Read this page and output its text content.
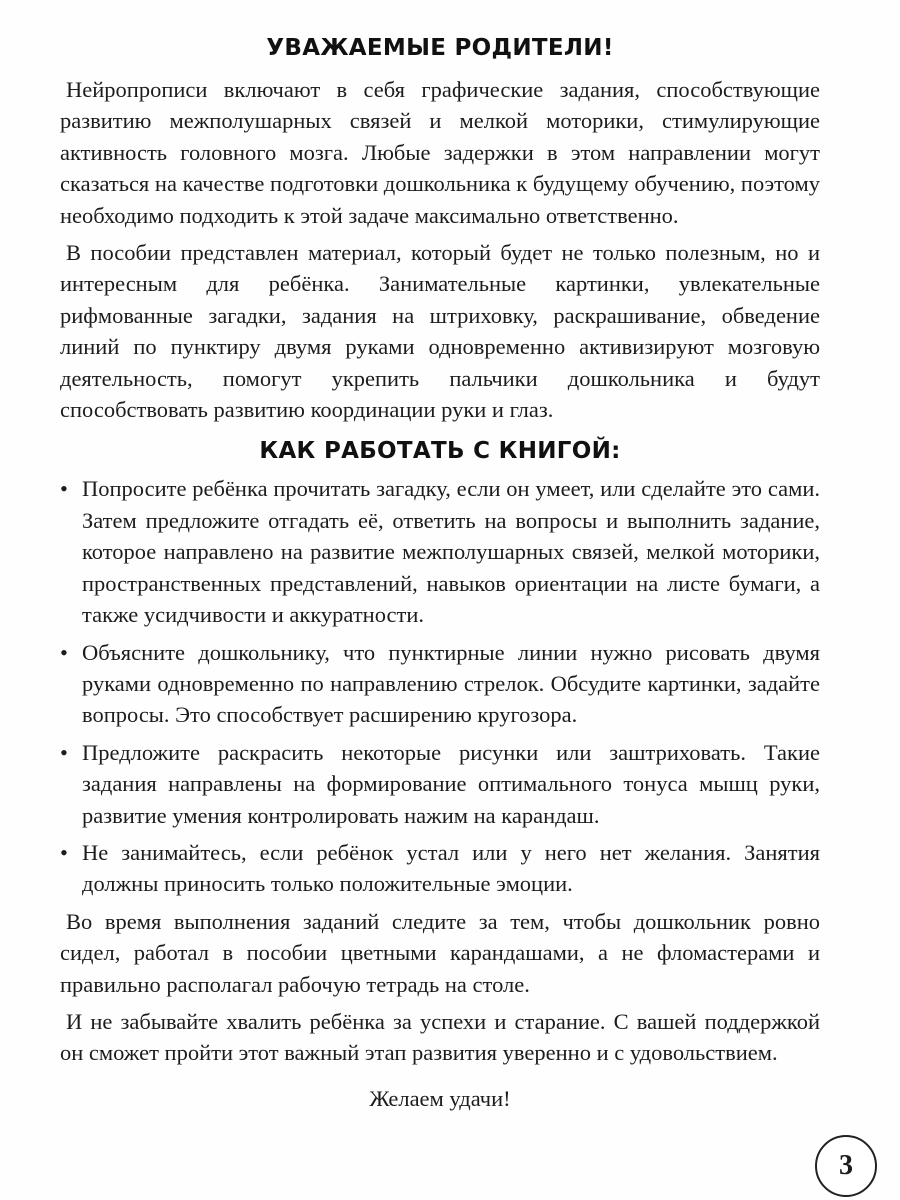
УВАЖАЕМЫЕ РОДИТЕЛИ!

Нейропрописи включают в себя графические задания, способствующие развитию межполушарных связей и мелкой моторики, стимулирующие активность головного мозга. Любые задержки в этом направлении могут сказаться на качестве подготовки дошкольника к будущему обучению, поэтому необходимо подходить к этой задаче максимально ответственно.

В пособии представлен материал, который будет не только полезным, но и интересным для ребёнка. Занимательные картинки, увлекательные рифмованные загадки, задания на штриховку, раскрашивание, обведение линий по пунктиру двумя руками одновременно активизируют мозговую деятельность, помогут укрепить пальчики дошкольника и будут способствовать развитию координации руки и глаз.

КАК РАБОТАТЬ С КНИГОЙ:
• Попросите ребёнка прочитать загадку, если он умеет, или сделайте это сами. Затем предложите отгадать её, ответить на вопросы и выполнить задание, которое направлено на развитие межполушарных связей, мелкой моторики, пространственных представлений, навыков ориентации на листе бумаги, а также усидчивости и аккуратности.
• Объясните дошкольнику, что пунктирные линии нужно рисовать двумя руками одновременно по направлению стрелок. Обсудите картинки, задайте вопросы. Это способствует расширению кругозора.
• Предложите раскрасить некоторые рисунки или заштриховать. Такие задания направлены на формирование оптимального тонуса мышц руки, развитие умения контролировать нажим на карандаш.
• Не занимайтесь, если ребёнок устал или у него нет желания. Занятия должны приносить только положительные эмоции.

Во время выполнения заданий следите за тем, чтобы дошкольник ровно сидел, работал в пособии цветными карандашами, а не фломастерами и правильно располагал рабочую тетрадь на столе.

И не забывайте хвалить ребёнка за успехи и старание. С вашей поддержкой он сможет пройти этот важный этап развития уверенно и с удовольствием.

Желаем удачи!

3
